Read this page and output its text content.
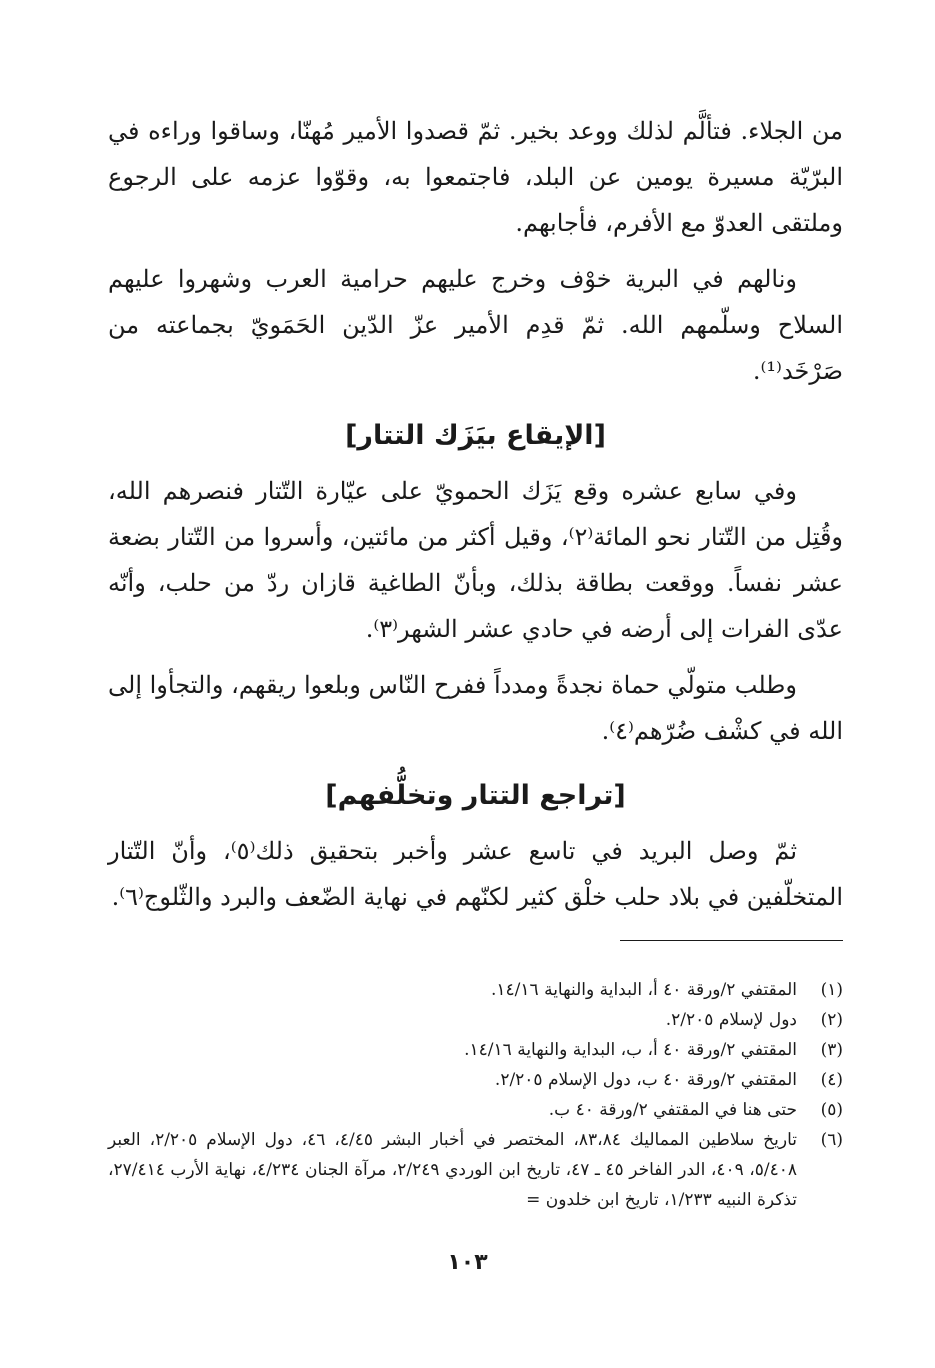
من الجلاء. فتألَّم لذلك ووعد بخير. ثمّ قصدوا الأمير مُهنّا، وساقوا وراءه في البرّيّة مسيرة يومين عن البلد، فاجتمعوا به، وقوّوا عزمه على الرجوع وملتقى العدوّ مع الأفرم، فأجابهم.

ونالهم في البرية خوْف وخرج عليهم حرامية العرب وشهروا عليهم السلاح وسلّمهم الله. ثمّ قدِم الأمير عزّ الدّين الحَمَويّ بجماعته من صَرْخَد⁽¹⁾.

[الإيقاع بيَزَك التتار]

وفي سابع عشره وقع يَزَك الحمويّ على عيّارة التّتار فنصرهم الله، وقُتِل من التّتار نحو المائة⁽٢⁾، وقيل أكثر من مائتين، وأسروا من التّتار بضعة عشر نفساً. ووقعت بطاقة بذلك، وبأنّ الطاغية قازان ردّ من حلب، وأنّه عدّى الفرات إلى أرضه في حادي عشر الشهر⁽٣⁾.

وطلب متولّي حماة نجدةً ومدداً ففرح النّاس وبلعوا ريقهم، والتجأوا إلى الله في كشْف ضُرّهم⁽٤⁾.

[تراجع التتار وتخلُّفهم]

ثمّ وصل البريد في تاسع عشر وأخبر بتحقيق ذلك⁽٥⁾، وأنّ التّتار المتخلّفين في بلاد حلب خلْق كثير لكنّهم في نهاية الضّعف والبرد والثّلوج⁽٦⁾.

(١)
المقتفي ٢/ورقة ٤٠ أ، البداية والنهاية ١٤/١٦.
(٢)
دول لإسلام ٢/٢٠٥.
(٣)
المقتفي ٢/ورقة ٤٠ أ، ب، البداية والنهاية ١٤/١٦.
(٤)
المقتفي ٢/ورقة ٤٠ ب، دول الإسلام ٢/٢٠٥.
(٥)
حتى هنا في المقتفي ٢/ورقة ٤٠ ب.
(٦)
تاريخ سلاطين المماليك ٨٣،٨٤، المختصر في أخبار البشر ٤/٤٥، ٤٦، دول الإسلام ٢/٢٠٥، العبر ٥/٤٠٨، ٤٠٩، الدر الفاخر ٤٥ ـ ٤٧، تاريخ ابن الوردي ٢/٢٤٩، مرآة الجنان ٤/٢٣٤، نهاية الأرب ٢٧/٤١٤، تذكرة النبيه ١/٢٣٣، تاريخ ابن خلدون =
١٠٣
